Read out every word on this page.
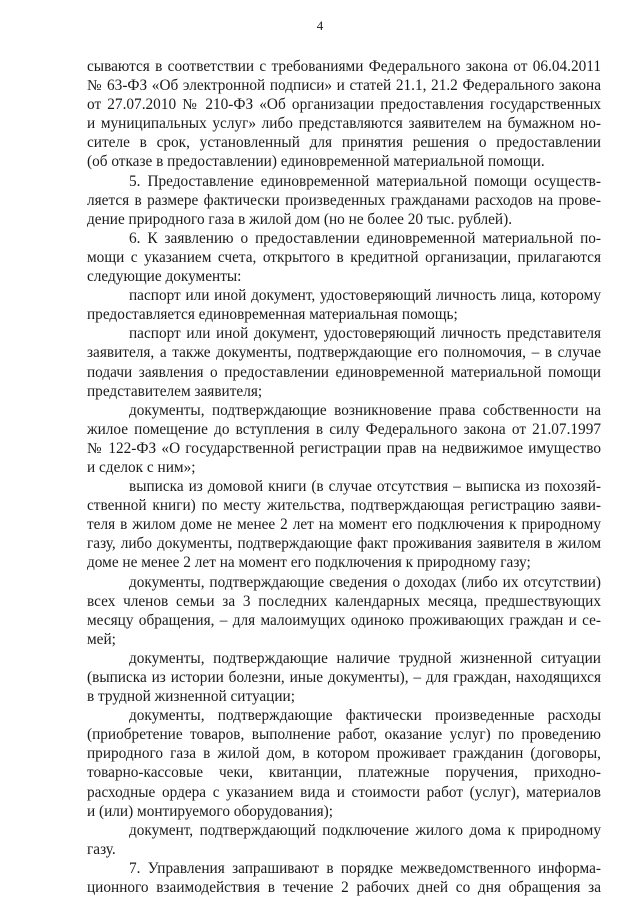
4

сываются в соответствии с требованиями Федерального закона от 06.04.2011
№ 63-ФЗ «Об электронной подписи» и статей 21.1, 21.2 Федерального закона
от 27.07.2010 № 210-ФЗ «Об организации предоставления государственных
и муниципальных услуг» либо представляются заявителем на бумажном но-
сителе в срок, установленный для принятия решения о предоставлении
(об отказе в предоставлении) единовременной материальной помощи.

5. Предоставление единовременной материальной помощи осуществ-
ляется в размере фактически произведенных гражданами расходов на прове-
дение природного газа в жилой дом (но не более 20 тыс. рублей).

6. К заявлению о предоставлении единовременной материальной по-
мощи с указанием счета, открытого в кредитной организации, прилагаются
следующие документы:

паспорт или иной документ, удостоверяющий личность лица, которому
предоставляется единовременная материальная помощь;

паспорт или иной документ, удостоверяющий личность представителя
заявителя, а также документы, подтверждающие его полномочия, – в случае
подачи заявления о предоставлении единовременной материальной помощи
представителем заявителя;

документы, подтверждающие возникновение права собственности на
жилое помещение до вступления в силу Федерального закона от 21.07.1997
№ 122-ФЗ «О государственной регистрации прав на недвижимое имущество
и сделок с ним»;

выписка из домовой книги (в случае отсутствия – выписка из похозяй-
ственной книги) по месту жительства, подтверждающая регистрацию заяви-
теля в жилом доме не менее 2 лет на момент его подключения к природному
газу, либо документы, подтверждающие факт проживания заявителя в жилом
доме не менее 2 лет на момент его подключения к природному газу;

документы, подтверждающие сведения о доходах (либо их отсутствии)
всех членов семьи за 3 последних календарных месяца, предшествующих
месяцу обращения, – для малоимущих одиноко проживающих граждан и се-
мей;

документы, подтверждающие наличие трудной жизненной ситуации
(выписка из истории болезни, иные документы), – для граждан, находящихся
в трудной жизненной ситуации;

документы, подтверждающие фактически произведенные расходы
(приобретение товаров, выполнение работ, оказание услуг) по проведению
природного газа в жилой дом, в котором проживает гражданин (договоры,
товарно-кассовые чеки, квитанции, платежные поручения, приходно-
расходные ордера с указанием вида и стоимости работ (услуг), материалов
и (или) монтируемого оборудования);

документ, подтверждающий подключение жилого дома к природному
газу.

7. Управления запрашивают в порядке межведомственного информа-
ционного взаимодействия в течение 2 рабочих дней со дня обращения за
